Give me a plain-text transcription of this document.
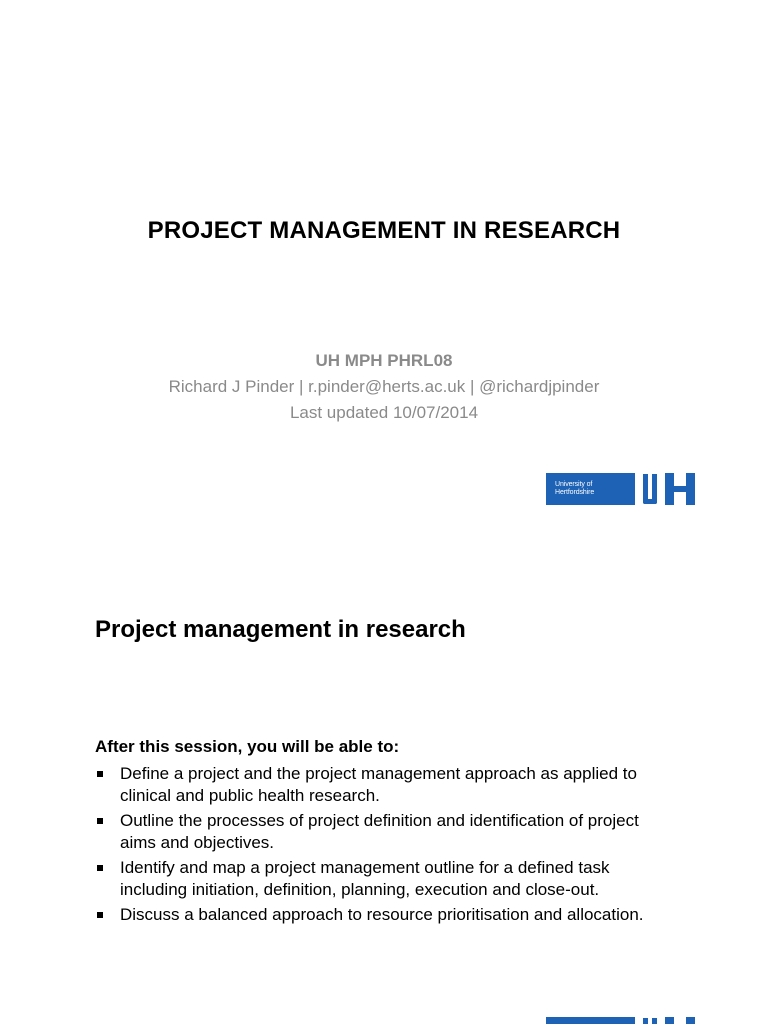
PROJECT MANAGEMENT IN RESEARCH
UH MPH PHRL08
Richard J Pinder | r.pinder@herts.ac.uk | @richardjpinder
Last updated 10/07/2014
University of
Hertfordshire
Project management in research
After this session, you will be able to:
Define a project and the project management approach as applied to clinical and public health research.
Outline the processes of project definition and identification of project aims and objectives.
Identify and map a project management outline for a defined task including initiation, definition, planning, execution and close-out.
Discuss a balanced approach to resource prioritisation and allocation.
